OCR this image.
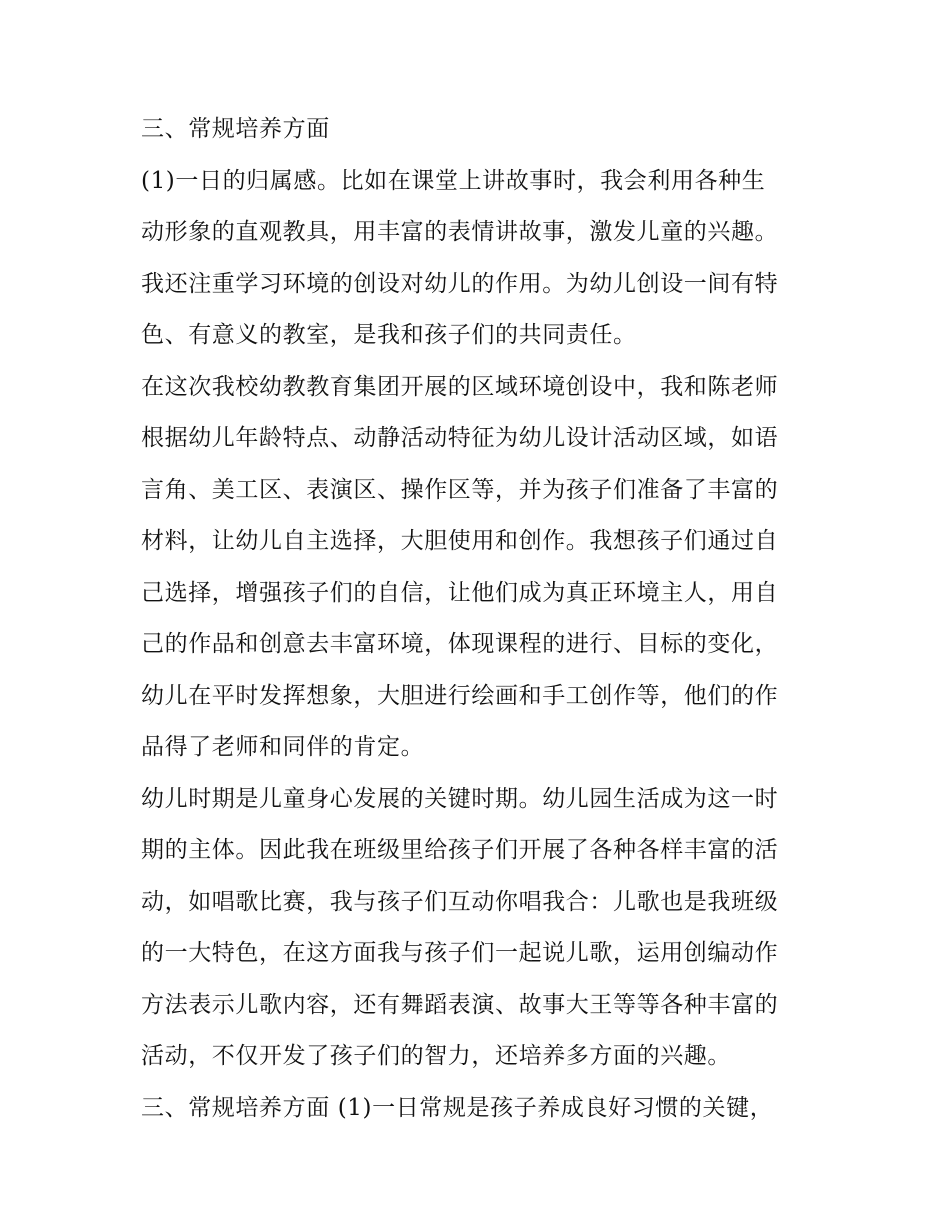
三、常规培养方面

(1)一日的归属感。比如在课堂上讲故事时，我会利用各种生

动形象的直观教具，用丰富的表情讲故事，激发儿童的兴趣。

我还注重学习环境的创设对幼儿的作用。为幼儿创设一间有特

色、有意义的教室，是我和孩子们的共同责任。

在这次我校幼教教育集团开展的区域环境创设中，我和陈老师

根据幼儿年龄特点、动静活动特征为幼儿设计活动区域，如语

言角、美工区、表演区、操作区等，并为孩子们准备了丰富的

材料，让幼儿自主选择，大胆使用和创作。我想孩子们通过自

己选择，增强孩子们的自信，让他们成为真正环境主人，用自

己的作品和创意去丰富环境，体现课程的进行、目标的变化，

幼儿在平时发挥想象，大胆进行绘画和手工创作等，他们的作

品得了老师和同伴的肯定。

幼儿时期是儿童身心发展的关键时期。幼儿园生活成为这一时

期的主体。因此我在班级里给孩子们开展了各种各样丰富的活

动，如唱歌比赛，我与孩子们互动你唱我合：儿歌也是我班级

的一大特色，在这方面我与孩子们一起说儿歌，运用创编动作

方法表示儿歌内容，还有舞蹈表演、故事大王等等各种丰富的

活动，不仅开发了孩子们的智力，还培养多方面的兴趣。

三、常规培养方面 (1)一日常规是孩子养成良好习惯的关键，
